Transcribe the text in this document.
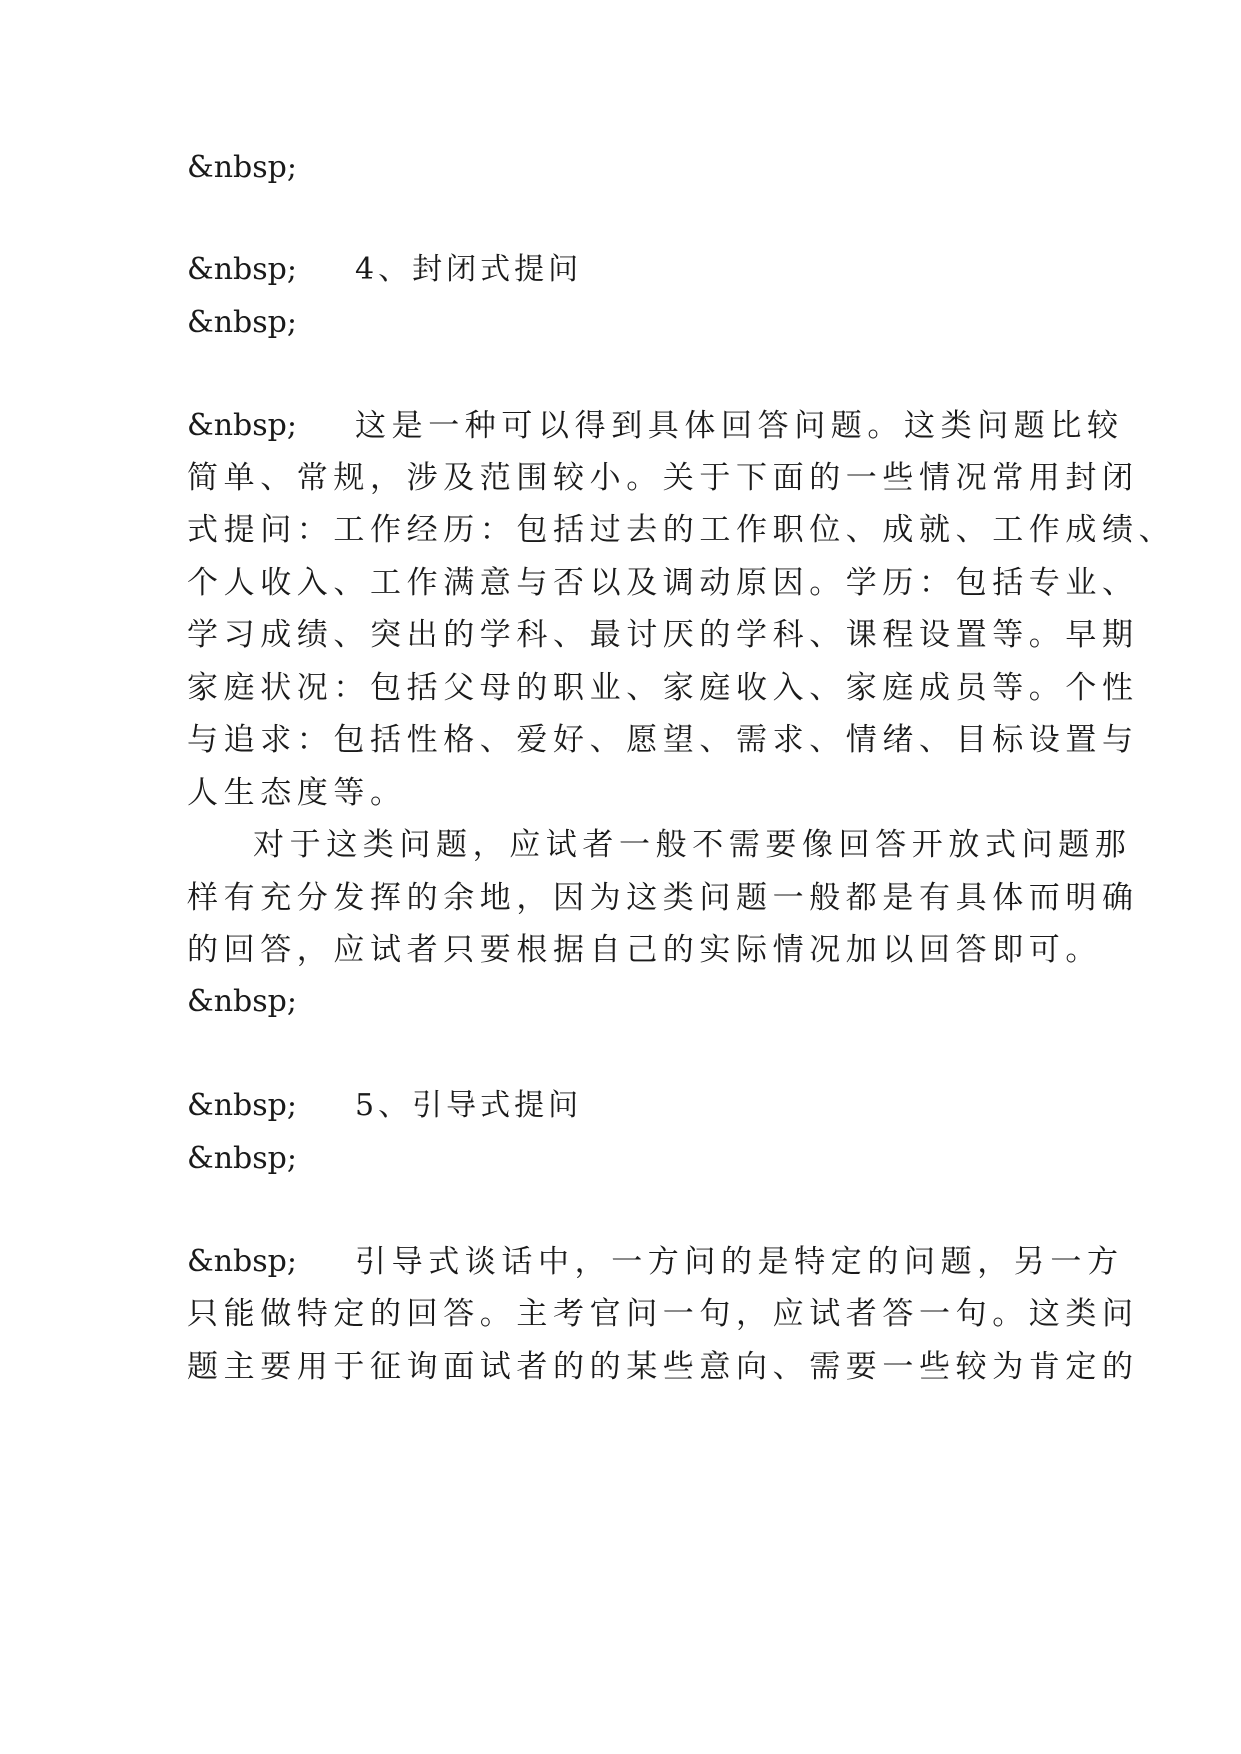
&nbsp;
&nbsp; 4、封闭式提问
&nbsp;
&nbsp; 这是一种可以得到具体回答问题。这类问题比较
简单、常规，涉及范围较小。关于下面的一些情况常用封闭
式提问：工作经历：包括过去的工作职位、成就、工作成绩、
个人收入、工作满意与否以及调动原因。学历：包括专业、
学习成绩、突出的学科、最讨厌的学科、课程设置等。早期
家庭状况：包括父母的职业、家庭收入、家庭成员等。个性
与追求：包括性格、爱好、愿望、需求、情绪、目标设置与
人生态度等。
对于这类问题，应试者一般不需要像回答开放式问题那
样有充分发挥的余地，因为这类问题一般都是有具体而明确
的回答，应试者只要根据自己的实际情况加以回答即可。
&nbsp;
&nbsp; 5、引导式提问
&nbsp;
&nbsp; 引导式谈话中，一方问的是特定的问题，另一方
只能做特定的回答。主考官问一句，应试者答一句。这类问
题主要用于征询面试者的的某些意向、需要一些较为肯定的
